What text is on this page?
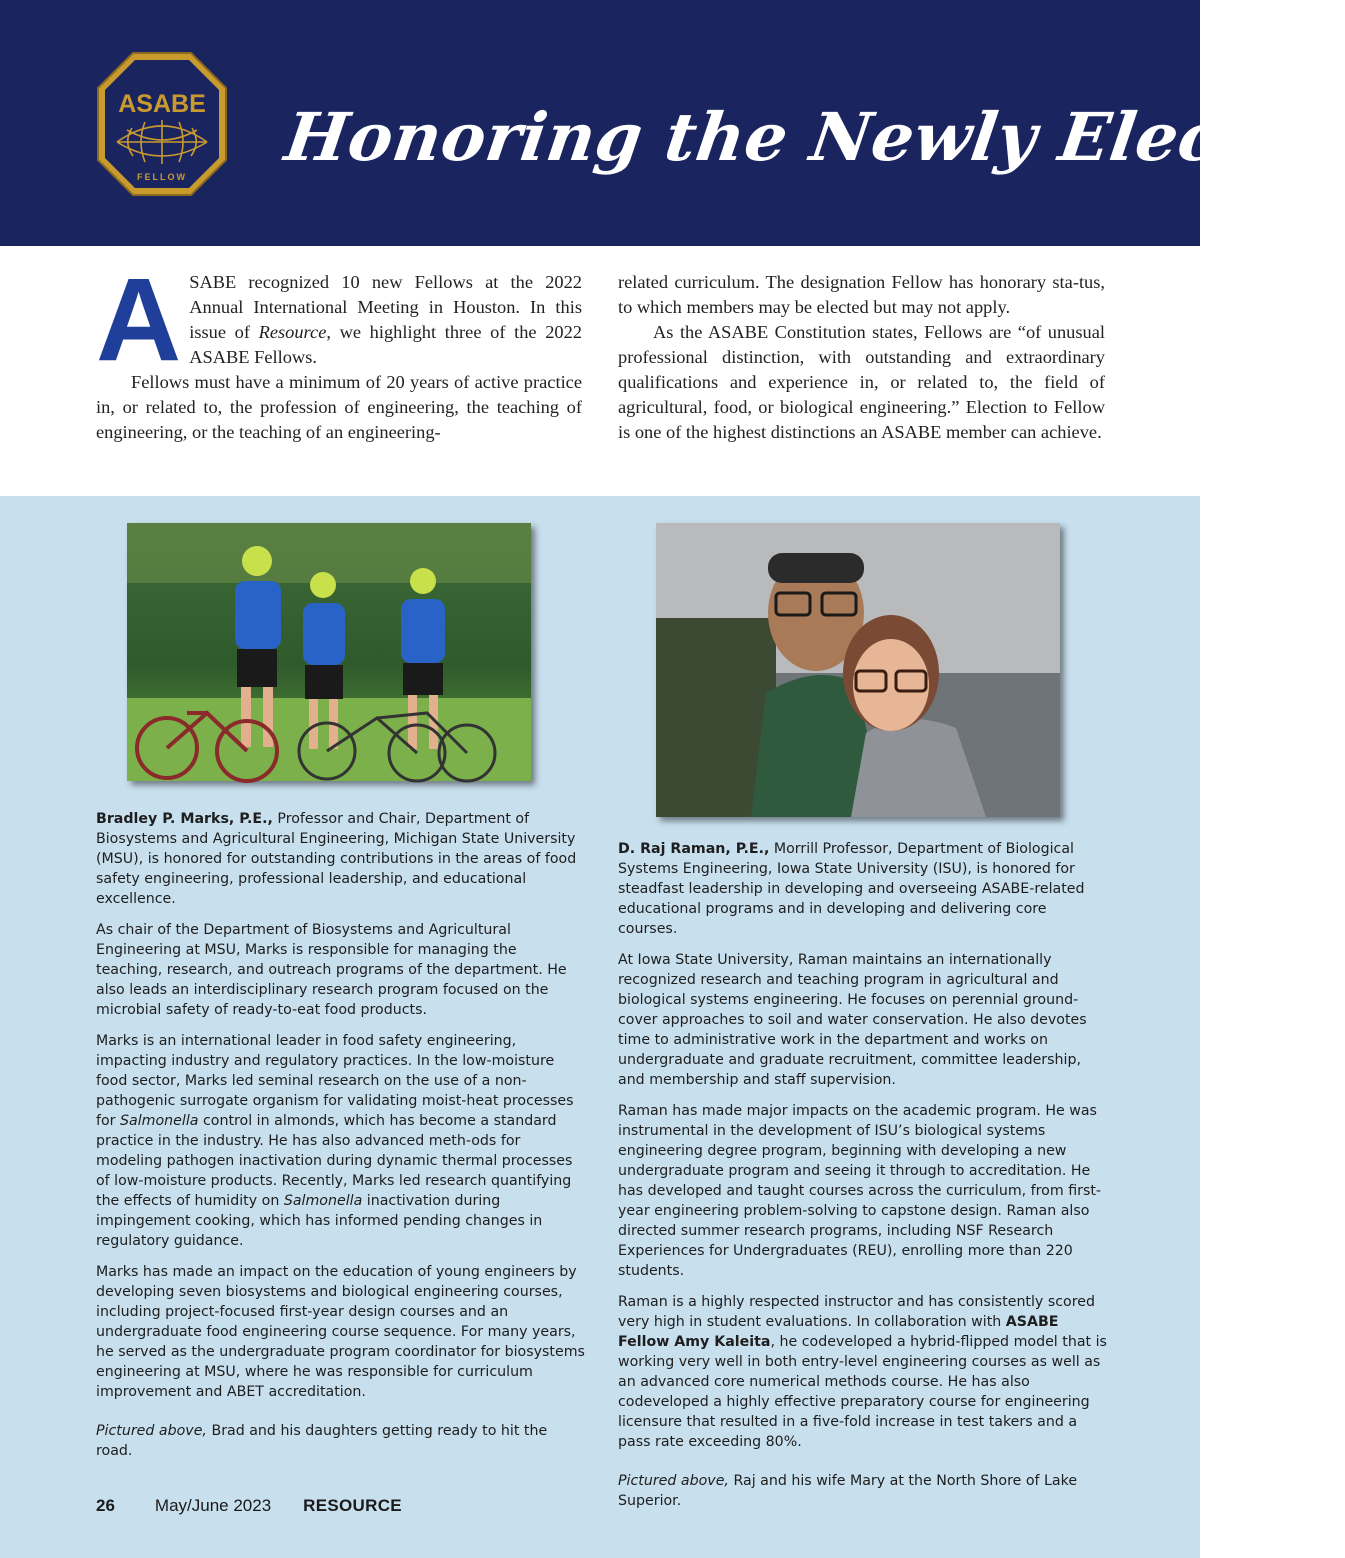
ASABE
FELLOW
Honoring the Newly Elected

ASABE recognized 10 new Fellows at the 2022 Annual International Meeting in Houston. In this issue of Resource, we highlight three of the 2022 ASABE Fellows.

Fellows must have a minimum of 20 years of active practice in, or related to, the profession of engineering, the teaching of engineering, or the teaching of an engineering-

related curriculum. The designation Fellow has honorary sta-tus, to which members may be elected but may not apply.

As the ASABE Constitution states, Fellows are “of unusual professional distinction, with outstanding and extraordinary qualifications and experience in, or related to, the field of agricultural, food, or biological engineering.” Election to Fellow is one of the highest distinctions an ASABE member can achieve.

Bradley P. Marks, P.E., Professor and Chair, Department of Biosystems and Agricultural Engineering, Michigan State University (MSU), is honored for outstanding contributions in the areas of food safety engineering, professional leadership, and educational excellence.

As chair of the Department of Biosystems and Agricultural Engineering at MSU, Marks is responsible for managing the teaching, research, and outreach programs of the department. He also leads an interdisciplinary research program focused on the microbial safety of ready-to-eat food products.

Marks is an international leader in food safety engineering, impacting industry and regulatory practices. In the low-moisture food sector, Marks led seminal research on the use of a non-pathogenic surrogate organism for validating moist-heat processes for Salmonella control in almonds, which has become a standard practice in the industry. He has also advanced meth-ods for modeling pathogen inactivation during dynamic thermal processes of low-moisture products. Recently, Marks led research quantifying the effects of humidity on Salmonella inactivation during impingement cooking, which has informed pending changes in regulatory guidance.

Marks has made an impact on the education of young engineers by developing seven biosystems and biological engineering courses, including project-focused first-year design courses and an undergraduate food engineering course sequence. For many years, he served as the undergraduate program coordinator for biosystems engineering at MSU, where he was responsible for curriculum improvement and ABET accreditation.

Pictured above, Brad and his daughters getting ready to hit the road.

D. Raj Raman, P.E., Morrill Professor, Department of Biological Systems Engineering, Iowa State University (ISU), is honored for steadfast leadership in developing and overseeing ASABE-related educational programs and in developing and delivering core courses.

At Iowa State University, Raman maintains an internationally recognized research and teaching program in agricultural and biological systems engineering. He focuses on perennial ground-cover approaches to soil and water conservation. He also devotes time to administrative work in the department and works on undergraduate and graduate recruitment, committee leadership, and membership and staff supervision.

Raman has made major impacts on the academic program. He was instrumental in the development of ISU’s biological systems engineering degree program, beginning with developing a new undergraduate program and seeing it through to accreditation. He has developed and taught courses across the curriculum, from first-year engineering problem-solving to capstone design. Raman also directed summer research programs, including NSF Research Experiences for Undergraduates (REU), enrolling more than 220 students.

Raman is a highly respected instructor and has consistently scored very high in student evaluations. In collaboration with ASABE Fellow Amy Kaleita, he codeveloped a hybrid-flipped model that is working very well in both entry-level engineering courses as well as an advanced core numerical methods course. He has also codeveloped a highly effective preparatory course for engineering licensure that resulted in a five-fold increase in test takers and a pass rate exceeding 80%.

Pictured above, Raj and his wife Mary at the North Shore of Lake Superior.

26 May/June 2023 RESOURCE
